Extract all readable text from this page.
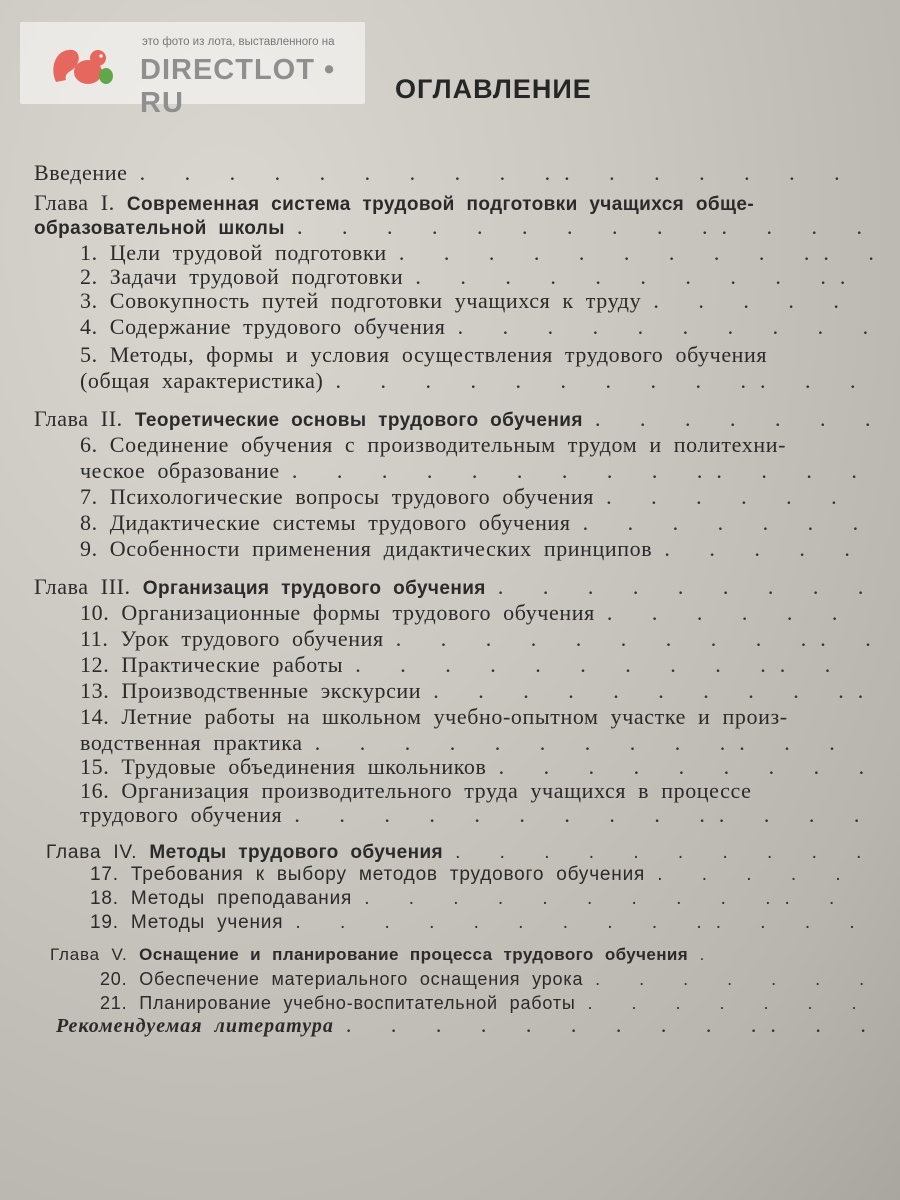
это фото из лота, выставленного на
DIRECTLOT • RU	ОГЛАВЛЕНИЕ
Введение . . . . . . . . . .. . . . . . .
Глава I. Современная система трудовой подготовки учащихся обще-
образовательной школы . . . . . . . . . .. . . .
1. Цели трудовой подготовки . . . . . . . . . .. .
2. Задачи трудовой подготовки . . . . . . . . . ..
3. Совокупность путей подготовки учащихся к труду . . . . .
4. Содержание трудового обучения . . . . . . . . . .
5. Методы, формы и условия осуществления трудового обучения
(общая характеристика) . . . . . . . . . .. . .
Глава II. Теоретические основы трудового обучения . . . . . . .
6. Соединение обучения с производительным трудом и политехни-
ческое образование . . . . . . . . . .. . . .
7. Психологические вопросы трудового обучения . . . . . .
8. Дидактические системы трудового обучения . . . . . . .
9. Особенности применения дидактических принципов . . . . .
Глава III. Организация трудового обучения . . . . . . . . .
10. Организационные формы трудового обучения . . . . . .
11. Урок трудового обучения . . . . . . . . . .. .
12. Практические работы . . . . . . . . . .. .
13. Производственные экскурсии . . . . . . . . . ..
14. Летние работы на школьном учебно-опытном участке и произ-
водственная практика . . . . . . . . . .. . .
15. Трудовые объединения школьников . . . . . . . . .
16. Организация производительного труда учащихся в процессе
трудового обучения . . . . . . . . . .. . . .
Глава IV. Методы трудового обучения . . . . . . . . . .
17. Требования к выбору методов трудового обучения . . . . .
18. Методы преподавания . . . . . . . . . .. .
19. Методы учения . . . . . . . . . .. . . .
Глава V. Оснащение и планирование процесса трудового обучения .
20. Обеспечение материального оснащения урока . . . . . . .
21. Планирование учебно-воспитательной работы . . . . . . .
Рекомендуемая литература . . . . . . . . . .. . .
